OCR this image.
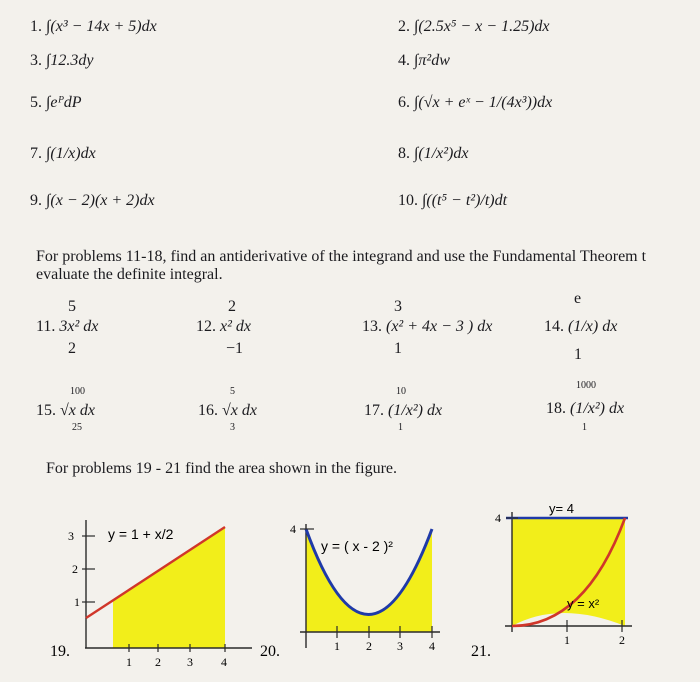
1. ∫(x³ − 14x + 5)dx	2. ∫(2.5x⁵ − x − 1.25)dx
3. ∫12.3dy	4. ∫π²dw
5. ∫eᴾdP	6. ∫(√x + eˣ − 1/(4x³))dx
7. ∫(1/x)dx	8. ∫(1/x²)dx
9. ∫(x − 2)(x + 2)dx	10. ∫((t⁵ − t²)/t)dt
For problems 11-18, find an antiderivative of the integrand and use the Fundamental Theorem t
evaluate the definite integral.
5
11. 3x² dx
2
2
12. x² dx
−1
3
13. (x² + 4x − 3 ) dx
1
e
14. (1/x) dx
1
100
15. √x dx
25
5
16. √x dx
3
10
17. (1/x²) dx
1
1000
18. (1/x²) dx
1
For problems 19 - 21 find the area shown in the figure.
3
2
1
1 2 3 4
y = 1 + x/2
19.
4
1 2 3 4
y = ( x - 2 )²
20.
4
1	2
y= 4
y = x²
21.
